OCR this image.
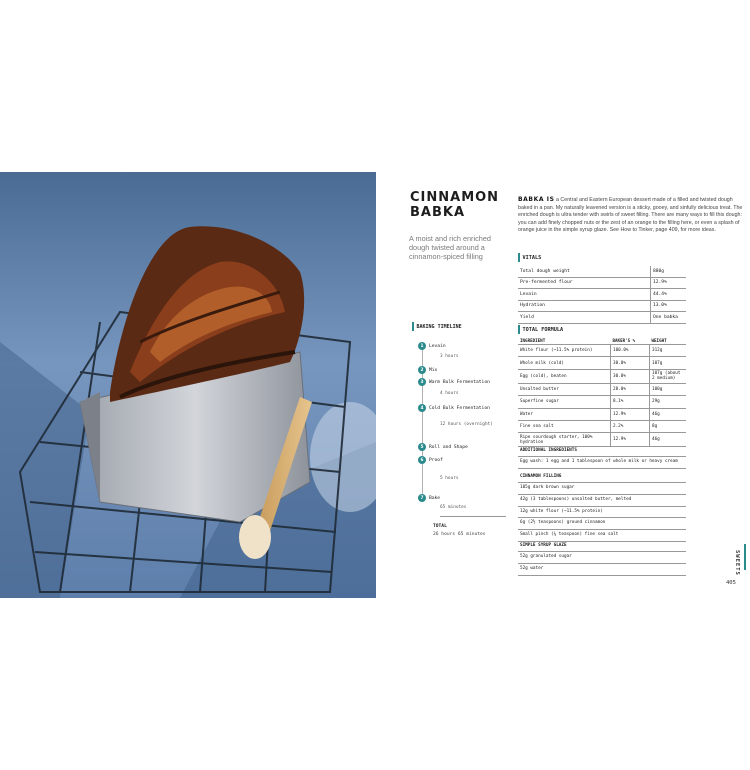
CINNAMON BABKA
A moist and rich enriched dough twisted around a cinnamon-spiced filling
BABKA IS a Central and Eastern European dessert made of a filled and twisted dough baked in a pan. My naturally leavened version is a sticky, gooey, and sinfully delicious treat. The enriched dough is ultra tender with swirls of sweet filling. There are many ways to fill this dough: you can add finely chopped nuts or the zest of an orange to the filling here, or even a splash of orange juice in the simple syrup glaze. See How to Tinker, page 409, for more ideas.
VITALS
Total dough weight	880g
Pre-fermented flour	12.9%
Levain	44.4%
Hydration	13.0%
Yield	One babka
TOTAL FORMULA
INGREDIENT	BAKER'S %	WEIGHT
White flour (~11.5% protein)	100.0%	312g
Whole milk (cold)	30.0%	107g
Egg (cold), beaten	30.0%	107g (about 2 medium)
Unsalted butter	28.0%	100g
Superfine sugar	8.1%	29g
Water	12.9%	46g
Fine sea salt	2.2%	8g
Ripe sourdough starter, 100% hydration	12.9%	46g
ADDITIONAL INGREDIENTS
Egg wash: 1 egg and 1 tablespoon of whole milk or heavy cream
CINNAMON FILLING
105g dark brown sugar
42g (3 tablespoons) unsalted butter, melted
12g white flour (~11.5% protein)
6g (2½ teaspoons) ground cinnamon
Small pinch (⅛ teaspoon) fine sea salt
SIMPLE SYRUP GLAZE
52g granulated sugar
52g water
BAKING TIMELINE
1	Levain
3 hours
2	Mix
3	Warm Bulk Fermentation
4 hours
4	Cold Bulk Fermentation
12 hours (overnight)
5	Roll and Shape
6	Proof
5 hours
7	Bake
65 minutes
TOTAL
26 hours 65 minutes
SWEETS
405
